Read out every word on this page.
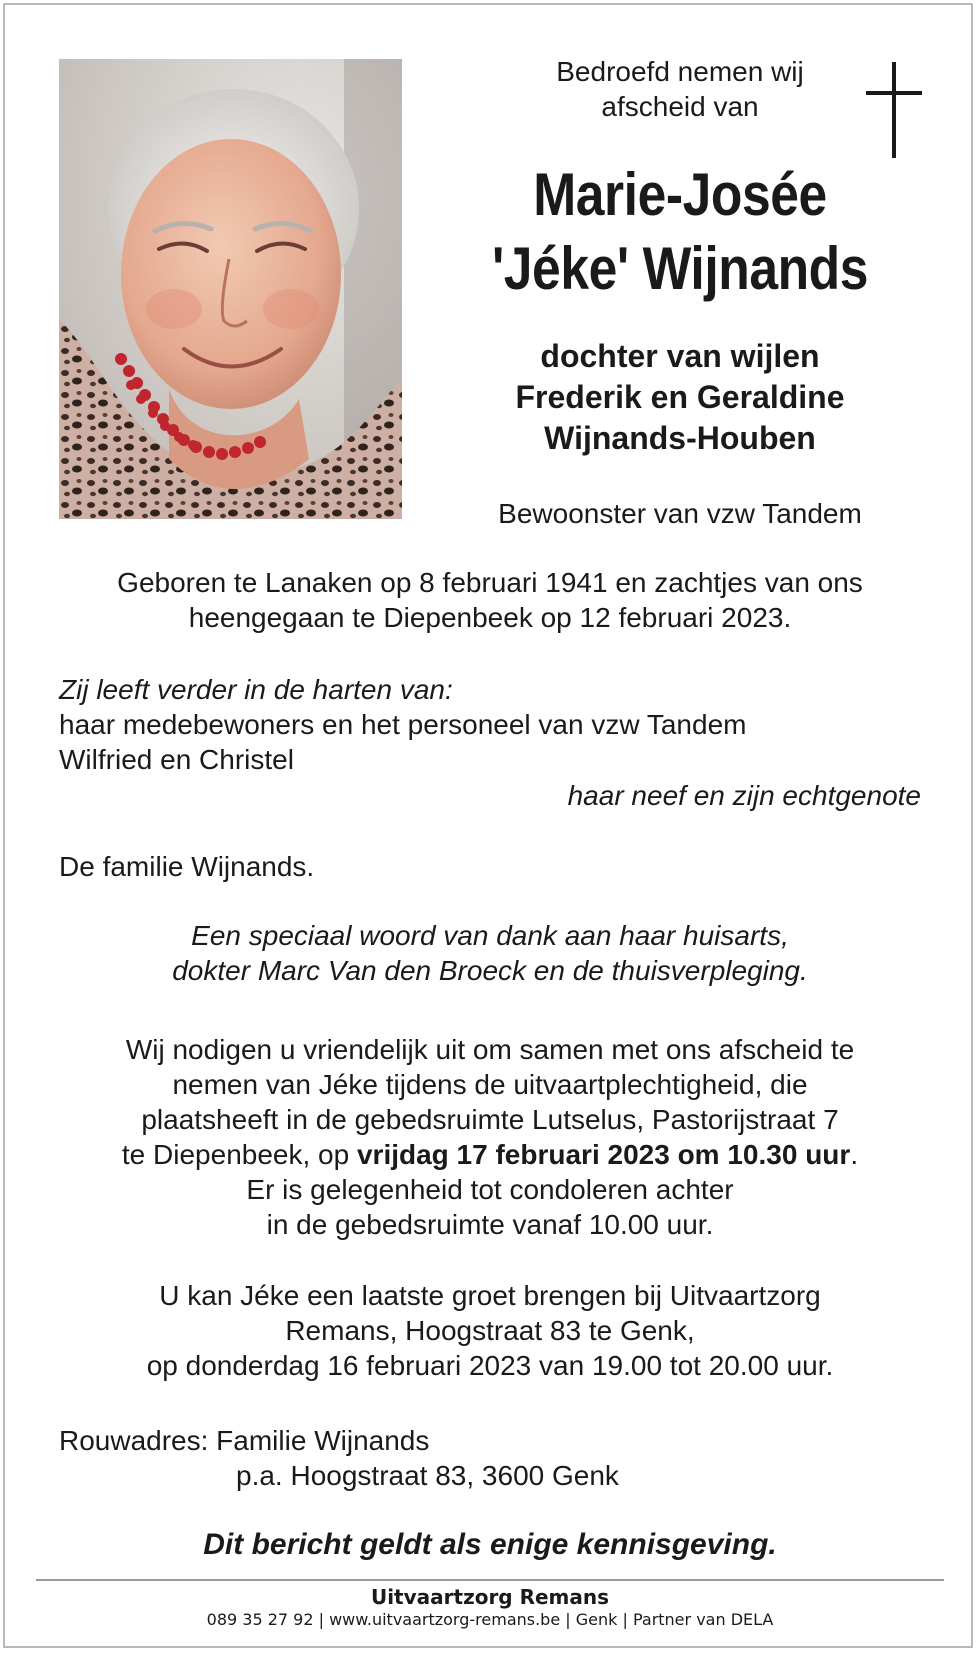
Bedroefd nemen wij
afscheid van
Marie-Josée
'Jéke' Wijnands
dochter van wijlen
Frederik en Geraldine
Wijnands-Houben
Bewoonster van vzw Tandem
Geboren te Lanaken op 8 februari 1941 en zachtjes van ons
heengegaan te Diepenbeek op 12 februari 2023.
Zij leeft verder in de harten van:
haar medebewoners en het personeel van vzw Tandem
Wilfried en Christel
haar neef en zijn echtgenote
De familie Wijnands.
Een speciaal woord van dank aan haar huisarts,
dokter Marc Van den Broeck en de thuisverpleging.
Wij nodigen u vriendelijk uit om samen met ons afscheid te
nemen van Jéke tijdens de uitvaartplechtigheid, die
plaatsheeft in de gebedsruimte Lutselus, Pastorijstraat 7
te Diepenbeek, op vrijdag 17 februari 2023 om 10.30 uur.
Er is gelegenheid tot condoleren achter
in de gebedsruimte vanaf 10.00 uur.
U kan Jéke een laatste groet brengen bij Uitvaartzorg
Remans, Hoogstraat 83 te Genk,
op donderdag 16 februari 2023 van 19.00 tot 20.00 uur.
Rouwadres: Familie Wijnands
p.a. Hoogstraat 83, 3600 Genk
Dit bericht geldt als enige kennisgeving.
Uitvaartzorg Remans
089 35 27 92 | www.uitvaartzorg-remans.be | Genk | Partner van DELA
